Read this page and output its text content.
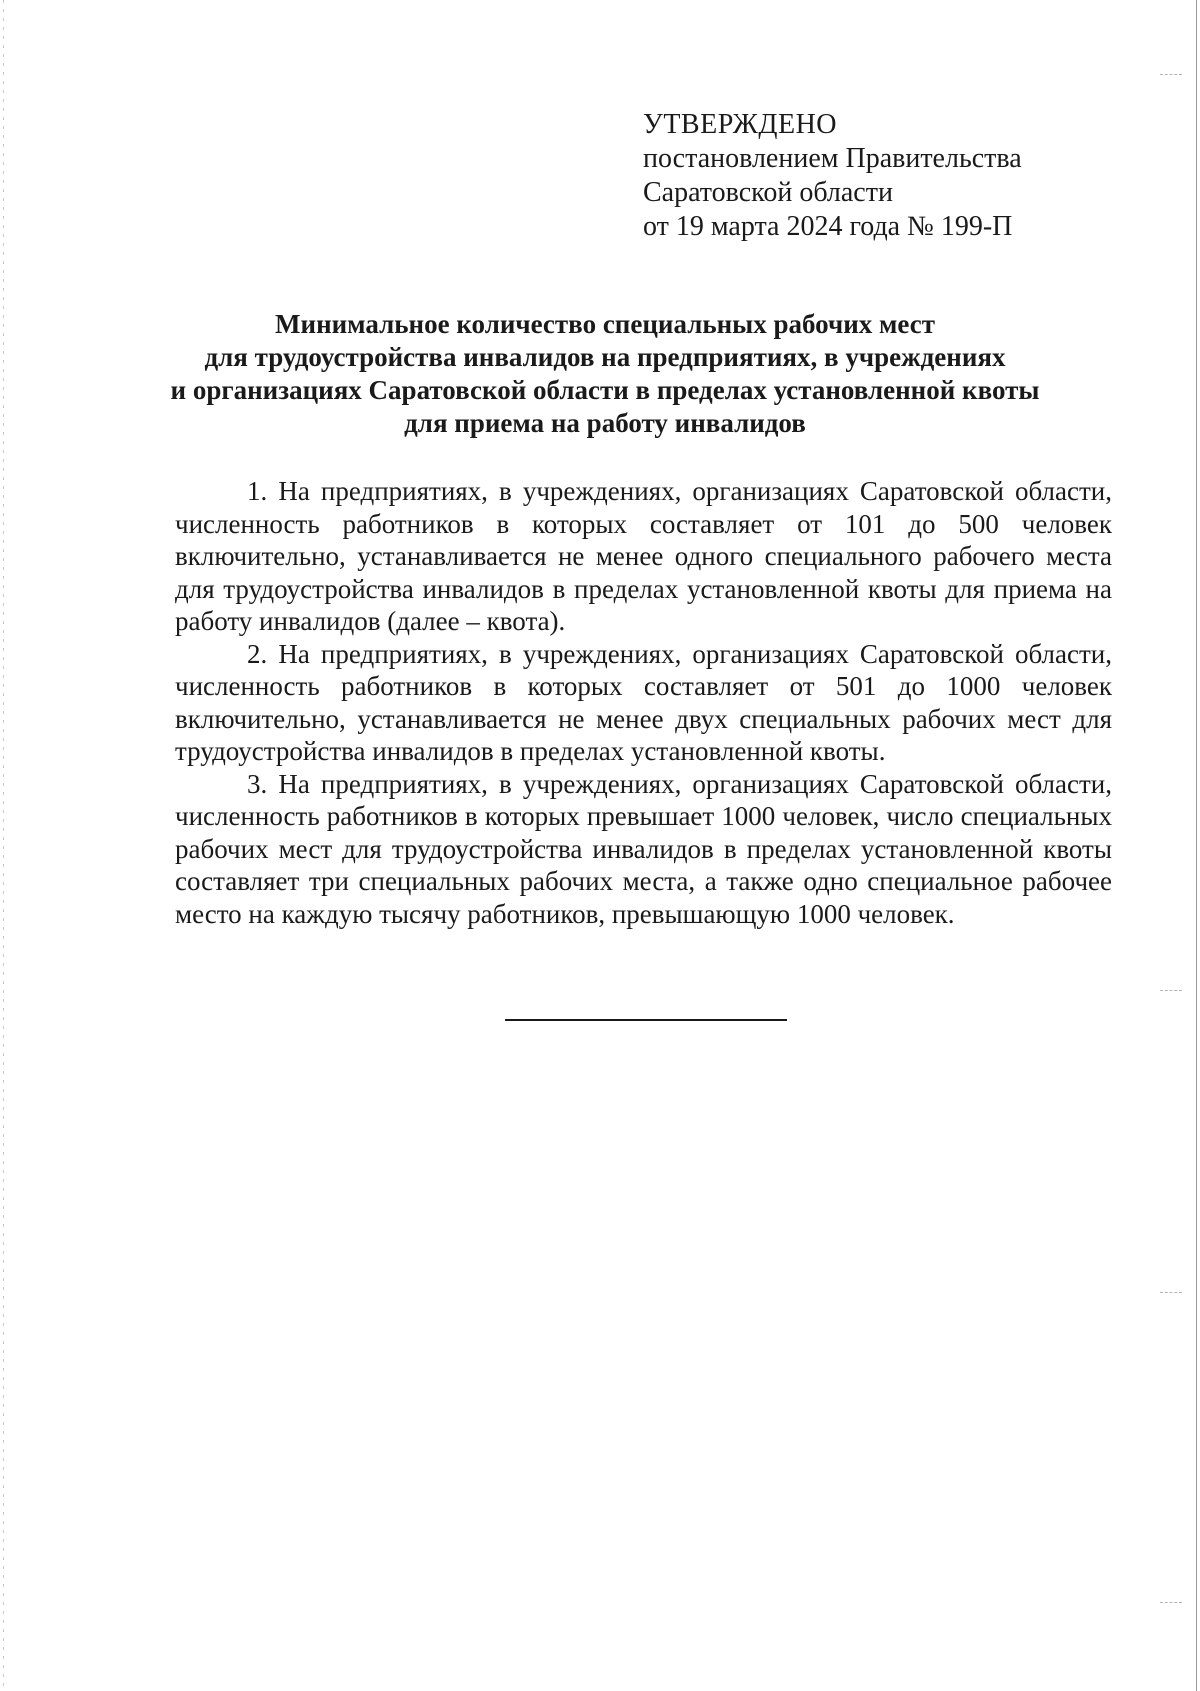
УТВЕРЖДЕНО
постановлением Правительства
Саратовской области
от 19 марта 2024 года № 199-П
Минимальное количество специальных рабочих мест
для трудоустройства инвалидов на предприятиях, в учреждениях
и организациях Саратовской области в пределах установленной квоты
для приема на работу инвалидов

1. На предприятиях, в учреждениях, организациях Саратовской области, численность работников в которых составляет от 101 до 500 человек включительно, устанавливается не менее одного специального рабочего места для трудоустройства инвалидов в пределах установленной квоты для приема на работу инвалидов (далее – квота).

2. На предприятиях, в учреждениях, организациях Саратовской области, численность работников в которых составляет от 501 до 1000 человек включительно, устанавливается не менее двух специальных рабочих мест для трудоустройства инвалидов в пределах установленной квоты.

3. На предприятиях, в учреждениях, организациях Саратовской области, численность работников в которых превышает 1000 человек, число специальных рабочих мест для трудоустройства инвалидов в пределах установленной квоты составляет три специальных рабочих места, а также одно специальное рабочее место на каждую тысячу работников, превышающую 1000 человек.
